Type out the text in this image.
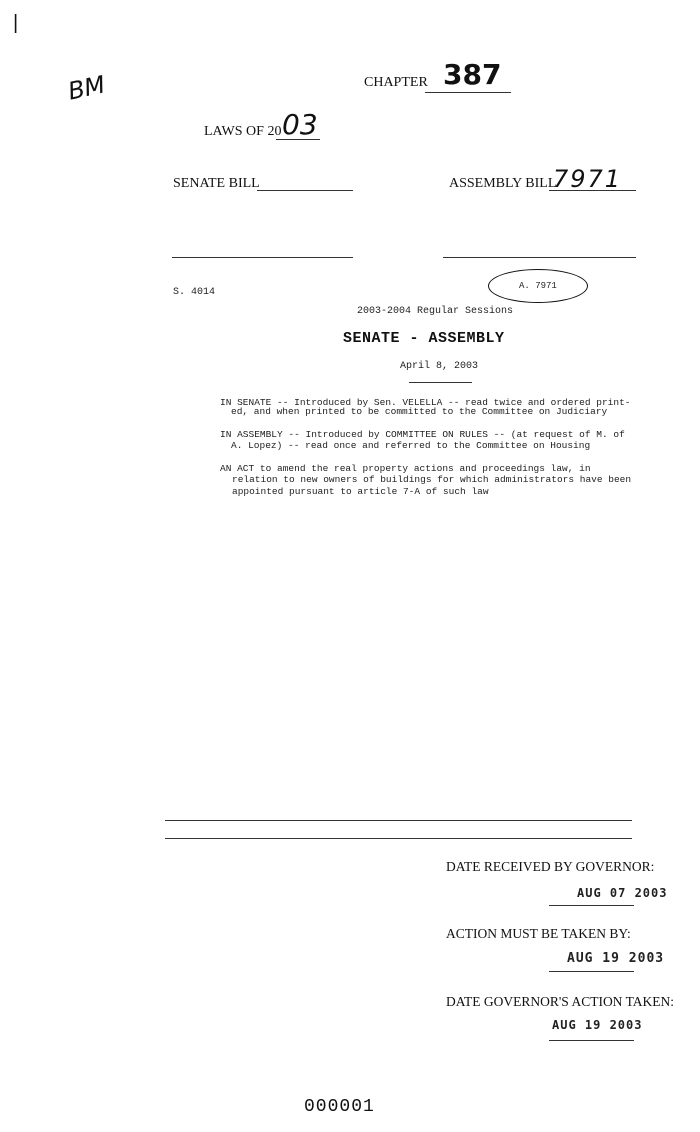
|
BM	CHAPTER 387
LAWS OF 20 03
SENATE BILL	ASSEMBLY BILL
7971
S. 4014
A. 7971
2003-2004 Regular Sessions
SENATE - ASSEMBLY
April 8, 2003
IN SENATE -- Introduced by Sen. VELELLA -- read twice and ordered print-
ed, and when printed to be committed to the Committee on Judiciary
IN ASSEMBLY -- Introduced by COMMITTEE ON RULES -- (at request of M. of
A. Lopez) -- read once and referred to the Committee on Housing
AN ACT to amend the real property actions and proceedings law, in
relation to new owners of buildings for which administrators have been
appointed pursuant to article 7-A of such law
DATE RECEIVED BY GOVERNOR:
AUG 07 2003
ACTION MUST BE TAKEN BY:
AUG 19 2003
DATE GOVERNOR'S ACTION TAKEN:
AUG 19 2003
000001
